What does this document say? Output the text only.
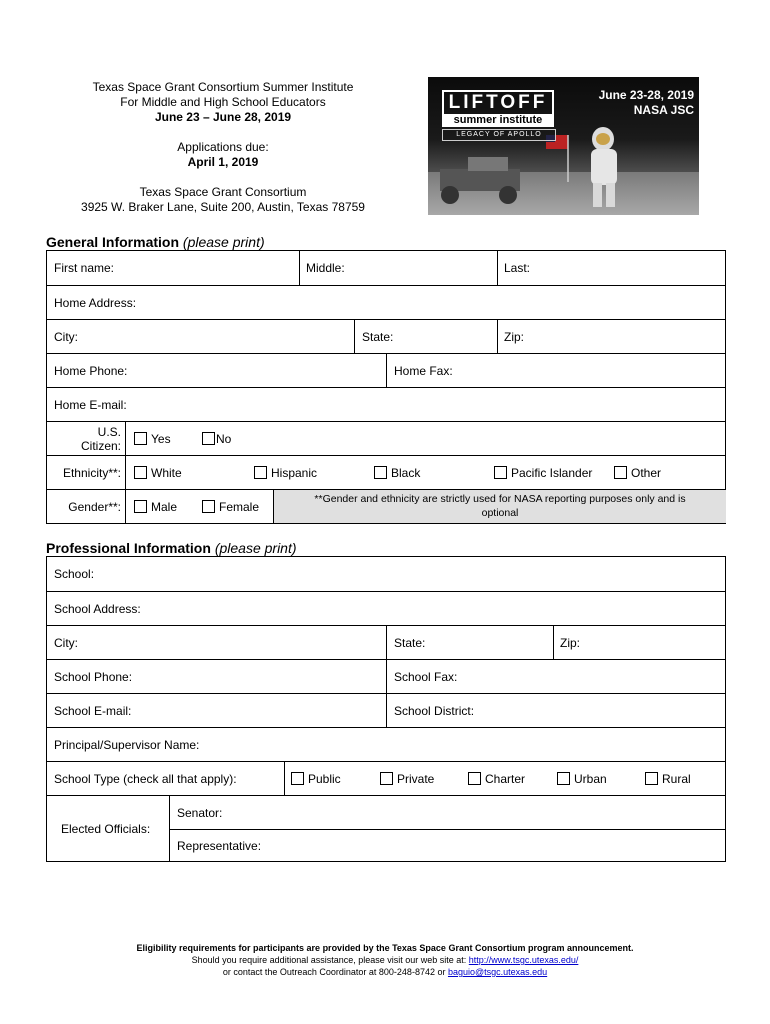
Texas Space Grant Consortium Summer Institute
For Middle and High School Educators
June 23 – June 28, 2019
Applications due:
April 1, 2019
Texas Space Grant Consortium
3925 W. Braker Lane, Suite 200, Austin, Texas 78759
LIFTOFF
summer institute
LEGACY OF APOLLO
June 23-28, 2019
NASA JSC
General Information (please print)
First name:	Middle:	Last:
Home Address:
City:	State:	Zip:
Home Phone:	Home Fax:
Home E-mail:
U.S.
Citizen:	Yes	No
Ethnicity**:	White	Hispanic	Black	Pacific Islander	Other
Gender**:	Male	Female
**Gender and ethnicity are strictly used for NASA reporting purposes only and is
optional
Professional Information (please print)
School:
School Address:
City:	State:	Zip:
School Phone:	School Fax:
School E-mail:	School District:
Principal/Supervisor Name:
School Type (check all that apply):	Public	Private	Charter	Urban	Rural
Elected Officials:
Senator:
Representative:
Eligibility requirements for participants are provided by the Texas Space Grant Consortium program announcement.
Should you require additional assistance, please visit our web site at: http://www.tsgc.utexas.edu/
or contact the Outreach Coordinator at 800-248-8742 or baguio@tsgc.utexas.edu
